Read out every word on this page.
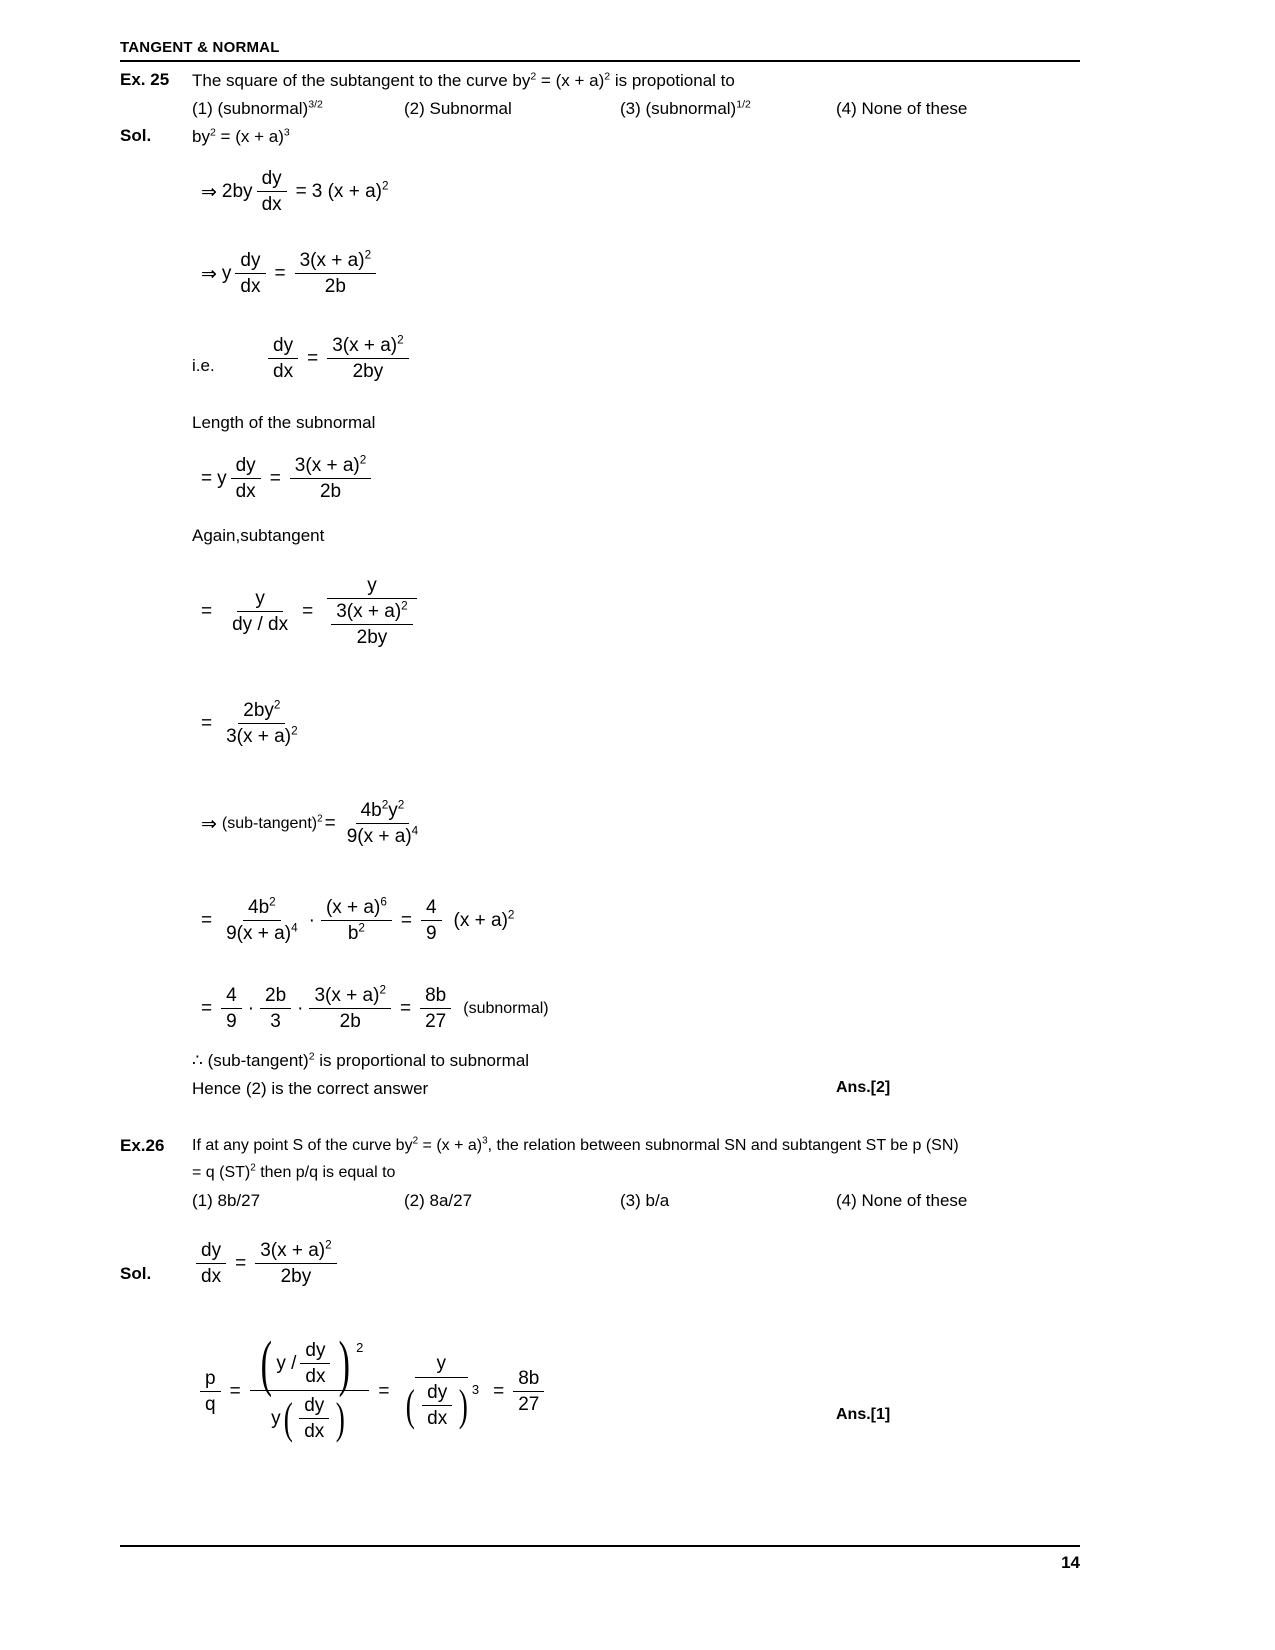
TANGENT & NORMAL
Ex. 25 The square of the subtangent to the curve $by^2 = (x + a)^2$ is propotional to
(1) (subnormal)$^{3/2}$	(2) Subnormal	(3) (subnormal)$^{1/2}$	(4) None of these
Sol. $by^2 = (x + a)^3$
⇒ $2by \frac{dy}{dx} = 3$ $(x + a)^2$
⇒ y $\frac{dy}{dx} = \frac{3(x + a)^2}{2b}$
i.e.	$\frac{dy}{dx} = \frac{3(x + a)^2}{2by}$
Length of the subnormal
= y $\frac{dy}{dx} = \frac{3(x + a)^2}{2b}$
Again,subtangent
= $\frac{y}{dy / dx} = \frac{y}{\frac{3(x + a)^2}{2by}}$
= $\frac{2by^2}{3(x + a)^2}$
⇒ (sub-tangent)$^2$ = $\frac{4b^2y^2}{9(x + a)^4}$
= $\frac{4b^2}{9(x + a)^4} \cdot \frac{(x + a)^6}{b^2} = \frac{4}{9} (x + a)^2$
= $\frac{4}{9} \cdot \frac{2b}{3} \cdot \frac{3(x + a)^2}{2b} = \frac{8b}{27}$ (subnormal)
∴ (sub-tangent)$^2$ is proportional to subnormal
Hence (2) is the correct answer	Ans.[2]
Ex.26 If at any point S of the curve $by^2 = (x + a)^3$, the relation between subnormal SN and subtangent ST be p (SN)
= q (ST)$^2$ then p/q is equal to
(1) 8b/27	(2) 8a/27	(3) b/a	(4) None of these
Sol. $\frac{dy}{dx} = \frac{3(x + a)^2}{2by}$
$\frac{p}{q}$ = ( y / $\frac{dy}{dx}$ ) 2
y ( $\frac{dy}{dx}$ )
=
y
( $\frac{dy}{dx}$ ) $3 = \frac{8b}{27}$	Ans.[1]
14
